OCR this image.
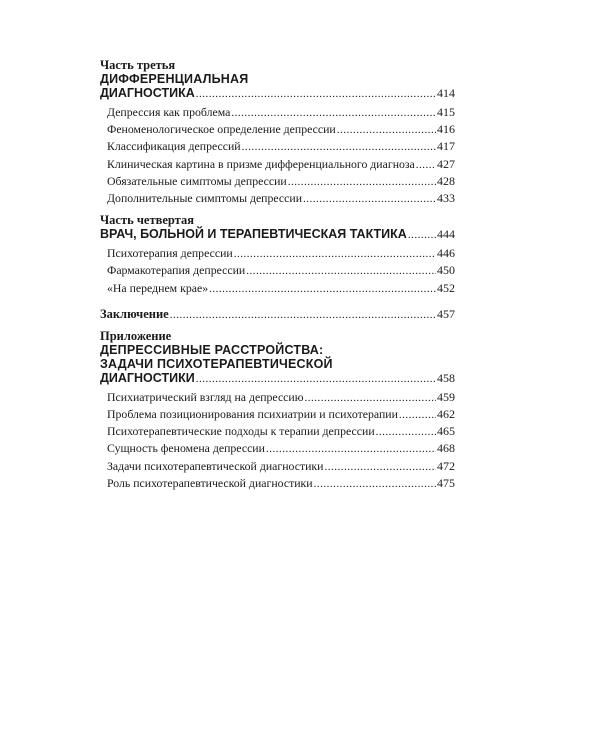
Часть третья
ДИФФЕРЕНЦИАЛЬНАЯ
ДИАГНОСТИКА .....	414
Депрессия как проблема .....	415
Феноменологическое определение депрессии .....	416
Классификация депрессий .....	417
Клиническая картина в призме дифференциального диагноза ..... 427
Обязательные симптомы депрессии .....	428
Дополнительные симптомы депрессии .....	433
Часть четвертая
ВРАЧ, БОЛЬНОЙ И ТЕРАПЕВТИЧЕСКАЯ ТАКТИКА .....	444
Психотерапия депрессии .....	446
Фармакотерапия депрессии .....	450
«На переднем крае» .....	452
Заключение .....	457
Приложение
ДЕПРЕССИВНЫЕ РАССТРОЙСТВА:
ЗАДАЧИ ПСИХОТЕРАПЕВТИЧЕСКОЙ
ДИАГНОСТИКИ .....	458
Психиатрический взгляд на депрессию .....	459
Проблема позиционирования психиатрии и психотерапии .....	462
Психотерапевтические подходы к терапии депрессии .....	465
Сущность феномена депрессии .....	468
Задачи психотерапевтической диагностики .....	472
Роль психотерапевтической диагностики .....	475
